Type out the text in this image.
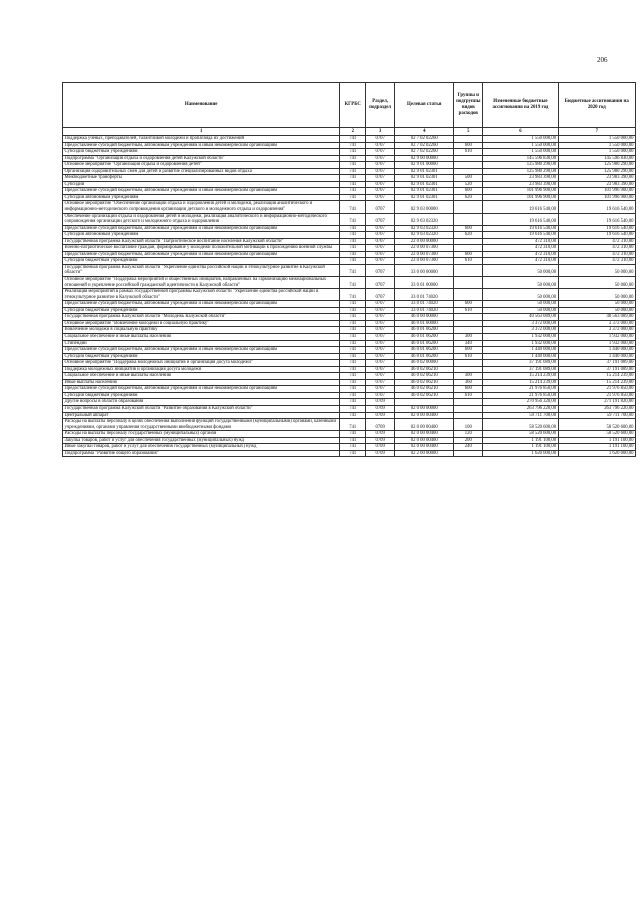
206
Наименование	КГРБС	Раздел, подраздел	Целевая статья	Группы и подгруппы видов расходов	Измененные бюджетные ассигнования на 2019 год	Бюджетные ассигнования на 2020 год
1	2	3	4	5	6	7
Поддержка ученых, преподавателей, талантливой молодежи и пропаганда их достижений	741	0707	02 7 02 02260		1 550 000,00	1 550 000,00
Предоставление субсидий бюджетным, автономным учреждениям и иным некоммерческим организациям	741	0707	02 7 02 02260	600	1 550 000,00	1 550 000,00
Субсидии бюджетным учреждениям	741	0707	02 7 02 02260	610	1 550 000,00	1 550 000,00
Подпрограмма "Организация отдыха и оздоровления детей Калужской области"	741	0707	02 9 00 00000		145 596 830,00	145 596 830,00
Основное мероприятие "Организация отдыха и оздоровления детей"	741	0707	02 9 01 00000		125 980 290,00	125 980 290,00
Организация оздоровительных смен для детей и развитие специализированных видов отдыха	741	0707	02 9 01 02301		125 980 290,00	125 980 290,00
Межбюджетные трансферты	741	0707	02 9 01 02301	500	23 983 390,00	23 983 390,00
Субсидии	741	0707	02 9 01 02301	520	23 983 390,00	23 983 390,00
Предоставление субсидий бюджетным, автономным учреждениям и иным некоммерческим организациям	741	0707	02 9 01 02301	600	101 996 900,00	101 996 900,00
Субсидии автономным учреждениям	741	0707	02 9 01 02301	620	101 996 900,00	101 996 900,00
Основное мероприятие "Обеспечение организации отдыха и оздоровления детей и молодежи, реализация аналитического и информационно-методического сопровождения организации детского и молодежного отдыха и оздоровления"	741	0707	02 9 03 00000		19 616 540,00	19 616 540,00
Обеспечение организации отдыха и оздоровления детей и молодежи, реализация аналитического и информационно-методического сопровождения организации детского и молодежного отдыха и оздоровления	741	0707	02 9 03 02320		19 616 540,00	19 616 540,00
Предоставление субсидий бюджетным, автономным учреждениям и иным некоммерческим организациям	741	0707	02 9 03 02320	600	19 616 540,00	19 616 540,00
Субсидии автономным учреждениям	741	0707	02 9 03 02320	620	19 616 540,00	19 616 540,00
Государственная программа Калужской области "Патриотическое воспитание населения Калужской области"	741	0707	22 0 00 00000		472 310,00	472 310,00
Военно-патриотическое воспитание граждан, формирование у молодежи положительной мотивации к прохождению военной службы	741	0707	22 0 00 07300		472 310,00	472 310,00
Предоставление субсидий бюджетным, автономным учреждениям и иным некоммерческим организациям	741	0707	22 0 00 07300	600	472 310,00	472 310,00
Субсидии бюджетным учреждениям	741	0707	22 0 00 07300	610	472 310,00	472 310,00
Государственная программа Калужской области "Укрепление единства российской нации и этнокультурное развитие в Калужской области"	741	0707	33 0 00 00000		50 000,00	50 000,00
Основное мероприятие "Поддержка мероприятий и общественных инициатив, направленных на гармонизацию межнациональных отношений и укрепление российской гражданской идентичности в Калужской области"	741	0707	33 0 01 00000		50 000,00	50 000,00
Реализация мероприятий в рамках государственной программы Калужской области "Укрепление единства российской нации и этнокультурное развитие в Калужской области"	741	0707	33 0 01 74020		50 000,00	50 000,00
Предоставление субсидий бюджетным, автономным учреждениям и иным некоммерческим организациям	741	0707	33 0 01 74020	600	50 000,00	50 000,00
Субсидии бюджетным учреждениям	741	0707	33 0 01 74020	610	50 000,00	50 000,00
Государственная программа Калужской области "Молодежь Калужской области"	741	0707	46 0 00 00000		40 563 089,00	40 563 089,00
Основное мероприятие "Вовлечение молодежи в социальную практику"	741	0707	46 0 01 00000		3 372 000,00	3 372 000,00
Вовлечение молодежи в социальную практику	741	0707	46 0 01 06200		3 372 000,00	3 372 000,00
Социальное обеспечение и иные выплаты населению	741	0707	46 0 01 06200	300	1 932 000,00	1 932 000,00
Стипендии	741	0707	46 0 01 06200	340	1 932 000,00	1 932 000,00
Предоставление субсидий бюджетным, автономным учреждениям и иным некоммерческим организациям	741	0707	46 0 01 06200	600	1 440 000,00	1 440 000,00
Субсидии бюджетным учреждениям	741	0707	46 0 01 06200	610	1 440 000,00	1 440 000,00
Основное мероприятие "Поддержка молодежных инициатив и организация досуга молодежи"	741	0707	46 0 02 00000		37 191 089,00	37 191 089,00
Поддержка молодежных инициатив и организация досуга молодежи	741	0707	46 0 02 06210		37 191 089,00	37 191 089,00
Социальное обеспечение и иные выплаты населению	741	0707	46 0 02 06210	300	15 214 239,00	15 214 239,00
Иные выплаты населению	741	0707	46 0 02 06210	360	15 214 239,00	15 214 239,00
Предоставление субсидий бюджетным, автономным учреждениям и иным некоммерческим организациям	741	0707	46 0 02 06210	600	21 976 850,00	21 976 850,00
Субсидии бюджетным учреждениям	741	0707	46 0 02 06210	610	21 976 850,00	21 976 850,00
Другие вопросы в области образования	741	0709			270 956 320,00	271 191 820,00
Государственная программа Калужской области "Развитие образования в Калужской области"	741	0709	02 0 00 00000		263 796 220,00	263 796 220,00
Центральный аппарат	741	0709	02 0 00 00400		59 711 700,00	59 711 700,00
Расходы на выплаты персоналу в целях обеспечения выполнения функций государственными (муниципальными) органами, казенными учреждениями, органами управления государственными внебюджетными фондами	741	0709	02 0 00 00400	100	58 520 600,00	58 520 600,00
Расходы на выплаты персоналу государственных (муниципальных) органов	741	0709	02 0 00 00400	120	58 520 600,00	58 520 600,00
Закупка товаров, работ и услуг для обеспечения государственных (муниципальных) нужд	741	0709	02 0 00 00400	200	1 191 100,00	1 191 100,00
Иные закупки товаров, работ и услуг для обеспечения государственных (муниципальных) нужд	741	0709	02 0 00 00400	240	1 191 100,00	1 191 100,00
Подпрограмма "Развитие общего образования"	741	0709	02 2 00 00000		1 620 000,00	1 620 000,00
